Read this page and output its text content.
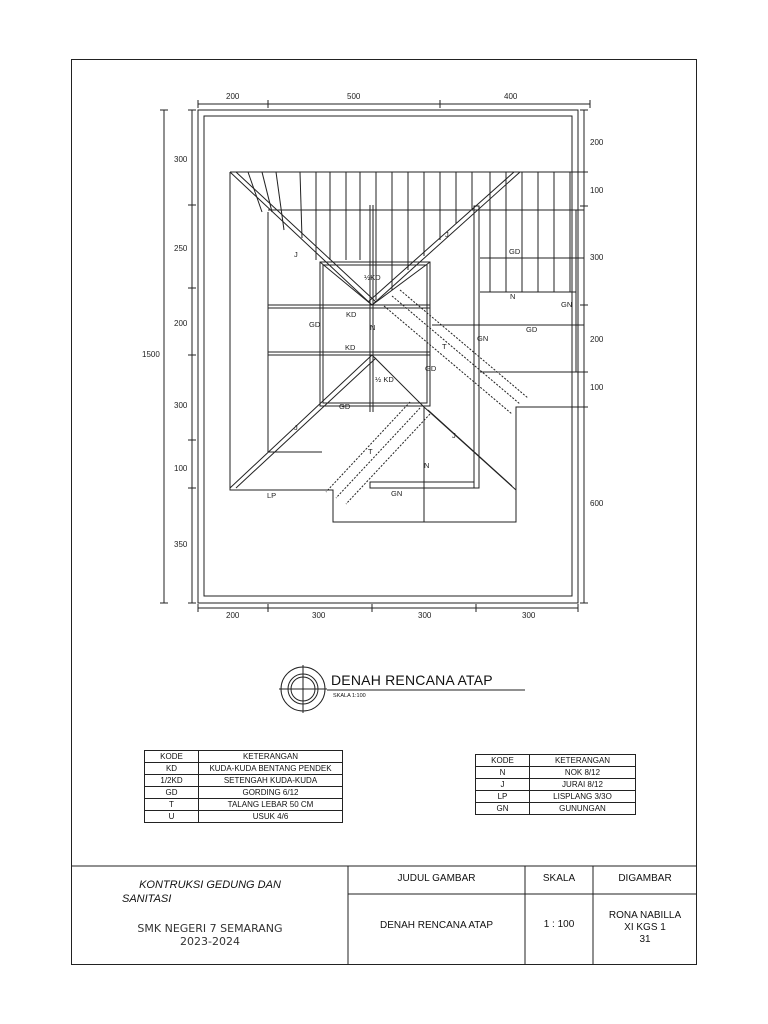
200	500	400
200	300	300	300
300
250
200
300
100
350
1500
200
100
300
200
100
600
J
J
J
J
GD
GD
GD
GD
GD
KD
KD
½KD
½ KD
N
N
N
GN
GN
GN
T
T
LP
DENAH RENCANA ATAP
SKALA 1:100
KODE	KETERANGAN
KD	KUDA-KUDA BENTANG PENDEK
1/2KD	SETENGAH KUDA-KUDA
GD	GORDING 6/12
T	TALANG LEBAR 50 CM
U	USUK 4/6
KODE	KETERANGAN
N	NOK 8/12
J	JURAI 8/12
LP	LISPLANG 3/3O
GN	GUNUNGAN
KONTRUKSI GEDUNG DAN
SANITASI
SMK NEGERI 7 SEMARANG
2023-2024
JUDUL GAMBAR	SKALA	DIGAMBAR
DENAH RENCANA ATAP	1 : 100
RONA NABILLA
XI KGS 1
31
